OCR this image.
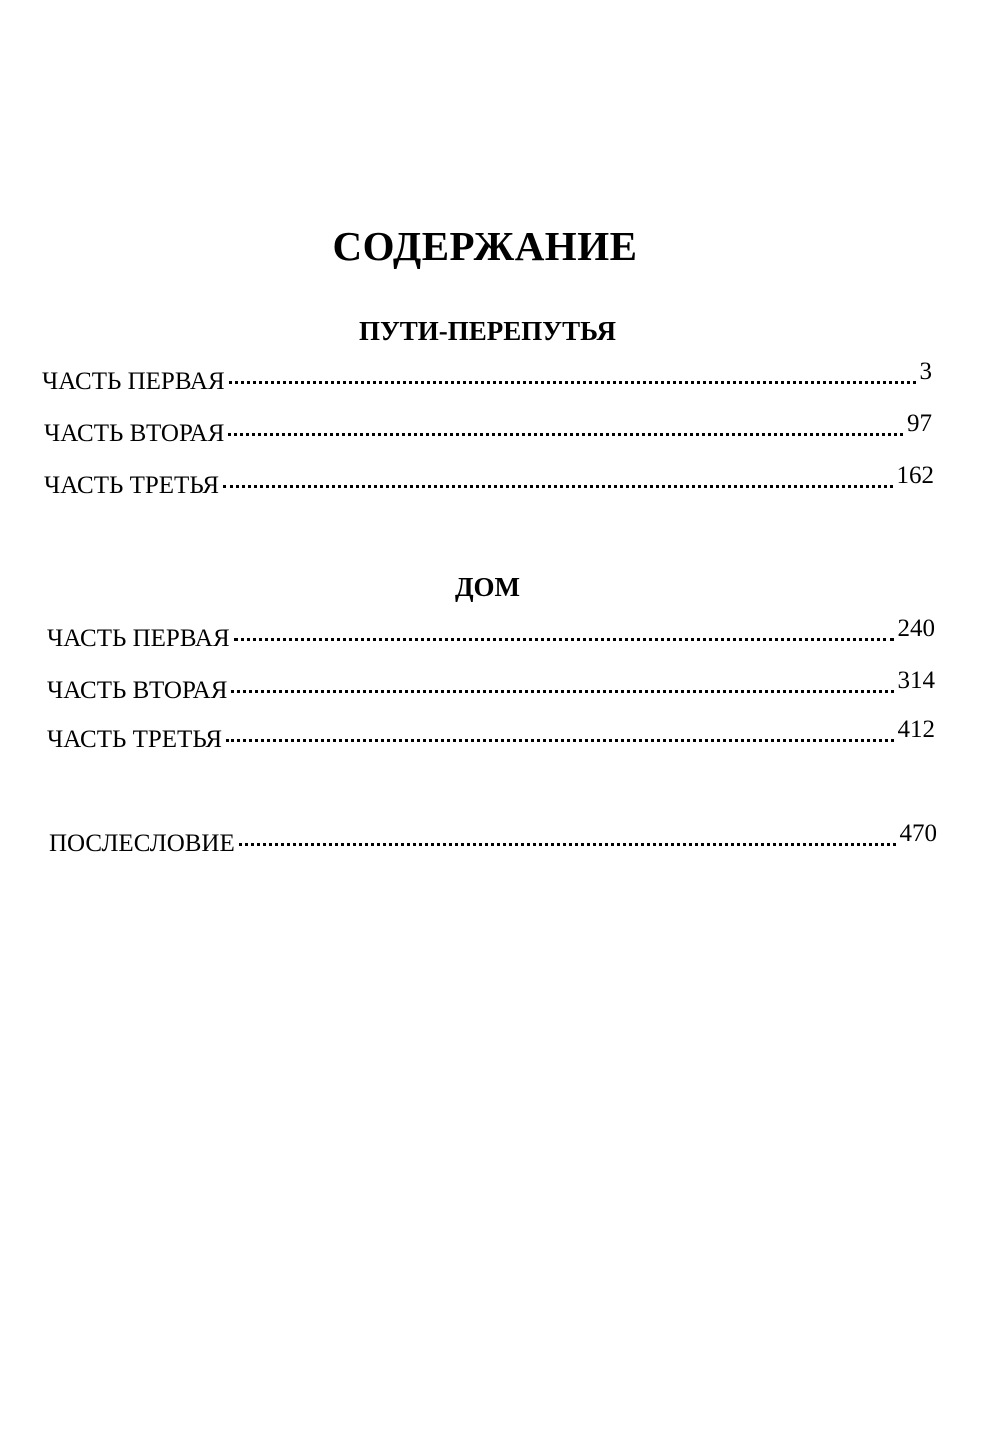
СОДЕРЖАНИЕ
ПУТИ-ПЕРЕПУТЬЯ
ЧАСТЬ ПЕРВАЯ	3
ЧАСТЬ ВТОРАЯ	97
ЧАСТЬ ТРЕТЬЯ	162
ДОМ
ЧАСТЬ ПЕРВАЯ	240
ЧАСТЬ ВТОРАЯ	314
ЧАСТЬ ТРЕТЬЯ	412
ПОСЛЕСЛОВИЕ	470
